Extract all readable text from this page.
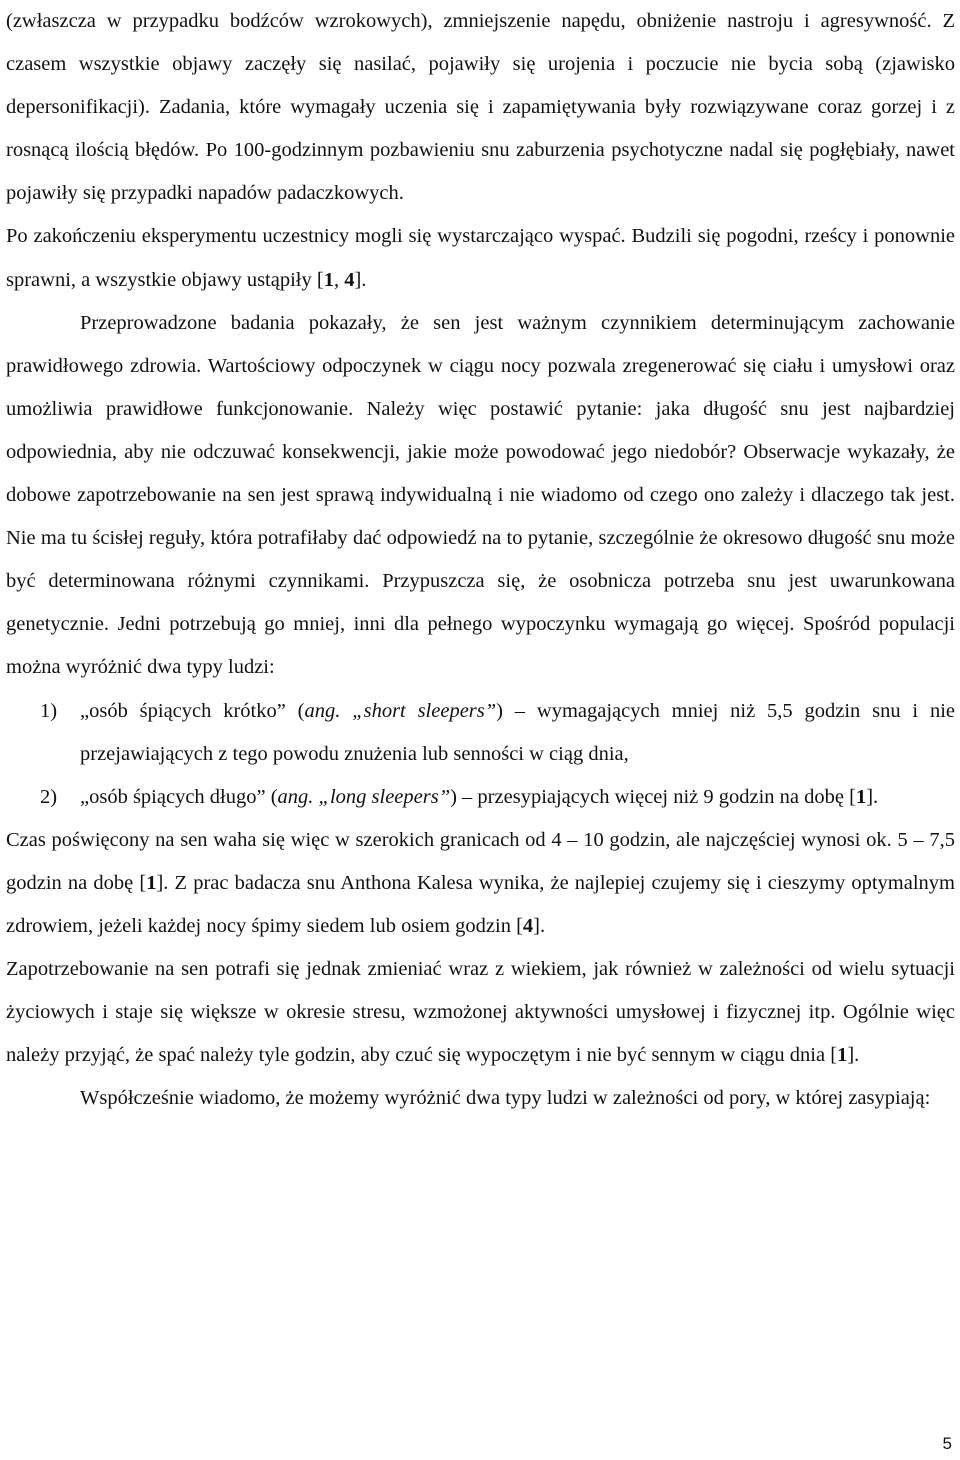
(zwłaszcza w przypadku bodźców wzrokowych), zmniejszenie napędu, obniżenie nastroju i agresywność. Z czasem wszystkie objawy zaczęły się nasilać, pojawiły się urojenia i poczucie nie bycia sobą (zjawisko depersonifikacji). Zadania, które wymagały uczenia się i zapamiętywania były rozwiązywane coraz gorzej i z rosnącą ilością błędów. Po 100-godzinnym pozbawieniu snu zaburzenia psychotyczne nadal się pogłębiały, nawet pojawiły się przypadki napadów padaczkowych.

Po zakończeniu eksperymentu uczestnicy mogli się wystarczająco wyspać. Budzili się pogodni, rześcy i ponownie sprawni, a wszystkie objawy ustąpiły [1, 4].

Przeprowadzone badania pokazały, że sen jest ważnym czynnikiem determinującym zachowanie prawidłowego zdrowia. Wartościowy odpoczynek w ciągu nocy pozwala zregenerować się ciału i umysłowi oraz umożliwia prawidłowe funkcjonowanie. Należy więc postawić pytanie: jaka długość snu jest najbardziej odpowiednia, aby nie odczuwać konsekwencji, jakie może powodować jego niedobór? Obserwacje wykazały, że dobowe zapotrzebowanie na sen jest sprawą indywidualną i nie wiadomo od czego ono zależy i dlaczego tak jest. Nie ma tu ścisłej reguły, która potrafiłaby dać odpowiedź na to pytanie, szczególnie że okresowo długość snu może być determinowana różnymi czynnikami. Przypuszcza się, że osobnicza potrzeba snu jest uwarunkowana genetycznie. Jedni potrzebują go mniej, inni dla pełnego wypoczynku wymagają go więcej. Spośród populacji można wyróżnić dwa typy ludzi:

1) „osób śpiących krótko” (ang. „short sleepers”) – wymagających mniej niż 5,5 godzin snu i nie przejawiających z tego powodu znużenia lub senności w ciąg dnia,
2) „osób śpiących długo” (ang. „long sleepers”) – przesypiających więcej niż 9 godzin na dobę [1].

Czas poświęcony na sen waha się więc w szerokich granicach od 4 – 10 godzin, ale najczęściej wynosi ok. 5 – 7,5 godzin na dobę [1]. Z prac badacza snu Anthona Kalesa wynika, że najlepiej czujemy się i cieszymy optymalnym zdrowiem, jeżeli każdej nocy śpimy siedem lub osiem godzin [4].

Zapotrzebowanie na sen potrafi się jednak zmieniać wraz z wiekiem, jak również w zależności od wielu sytuacji życiowych i staje się większe w okresie stresu, wzmożonej aktywności umysłowej i fizycznej itp. Ogólnie więc należy przyjąć, że spać należy tyle godzin, aby czuć się wypoczętym i nie być sennym w ciągu dnia [1].

Współcześnie wiadomo, że możemy wyróżnić dwa typy ludzi w zależności od pory, w której zasypiają:

5
